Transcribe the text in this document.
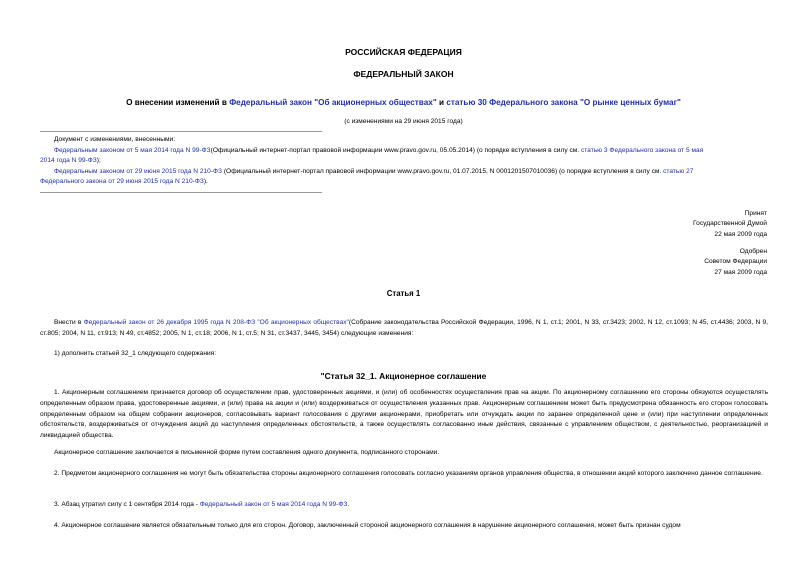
РОССИЙСКАЯ ФЕДЕРАЦИЯ
ФЕДЕРАЛЬНЫЙ ЗАКОН
О внесении изменений в Федеральный закон "Об акционерных обществах" и статью 30 Федерального закона "О рынке ценных бумаг"
(с изменениями на 29 июня 2015 года)
Документ с изменениями, внесенными:
Федеральным законом от 5 мая 2014 года N 99-ФЗ(Официальный интернет-портал правовой информации www.pravo.gov.ru, 05.05.2014) (о порядке вступления в силу см. статью 3 Федерального закона от 5 мая
2014 года N 99-ФЗ);
Федеральным законом от 29 июня 2015 года N 210-ФЗ (Официальный интернет-портал правовой информации www.pravo.gov.ru, 01.07.2015, N 0001201507010036) (о порядке вступления в силу см. статью 27
Федерального закона от 29 июня 2015 года N 210-ФЗ).
Принят
Государственной Думой
22 мая 2009 года
Одобрен
Советом Федерации
27 мая 2009 года
Статья 1

Внести в Федеральный закон от 26 декабря 1995 года N 208-ФЗ "Об акционерных обществах"(Собрание законодательства Российской Федерации, 1996, N 1, ст.1; 2001, N 33, ст.3423; 2002, N 12, ст.1093; N 45, ст.4436; 2003, N 9, ст.805; 2004, N 11, ст.913; N 49, ст.4852; 2005, N 1, ст.18; 2006, N 1, ст.5; N 31, ст.3437, 3445, 3454) следующие изменения:

1) дополнить статьей 32_1 следующего содержания:

"Статья 32_1. Акционерное соглашение

1. Акционерным соглашением признается договор об осуществлении прав, удостоверенных акциями, и (или) об особенностях осуществления прав на акции. По акционерному соглашению его стороны обязуются осуществлять определенным образом права, удостоверенные акциями, и (или) права на акции и (или) воздерживаться от осуществления указанных прав. Акционерным соглашением может быть предусмотрена обязанность его сторон голосовать определенным образом на общем собрании акционеров, согласовывать вариант голосования с другими акционерами, приобретать или отчуждать акции по заранее определенной цене и (или) при наступлении определенных обстоятельств, воздерживаться от отчуждения акций до наступления определенных обстоятельств, а также осуществлять согласованно иные действия, связанные с управлением обществом, с деятельностью, реорганизацией и ликвидацией общества.

Акционерное соглашение заключается в письменной форме путем составления одного документа, подписанного сторонами.

2. Предметом акционерного соглашения не могут быть обязательства стороны акционерного соглашения голосовать согласно указаниям органов управления общества, в отношении акций которого заключено данное соглашение.

3. Абзац утратил силу с 1 сентября 2014 года - Федеральный закон от 5 мая 2014 года N 99-ФЗ.

4. Акционерное соглашение является обязательным только для его сторон. Договор, заключенный стороной акционерного соглашения в нарушение акционерного соглашения, может быть признан судом
